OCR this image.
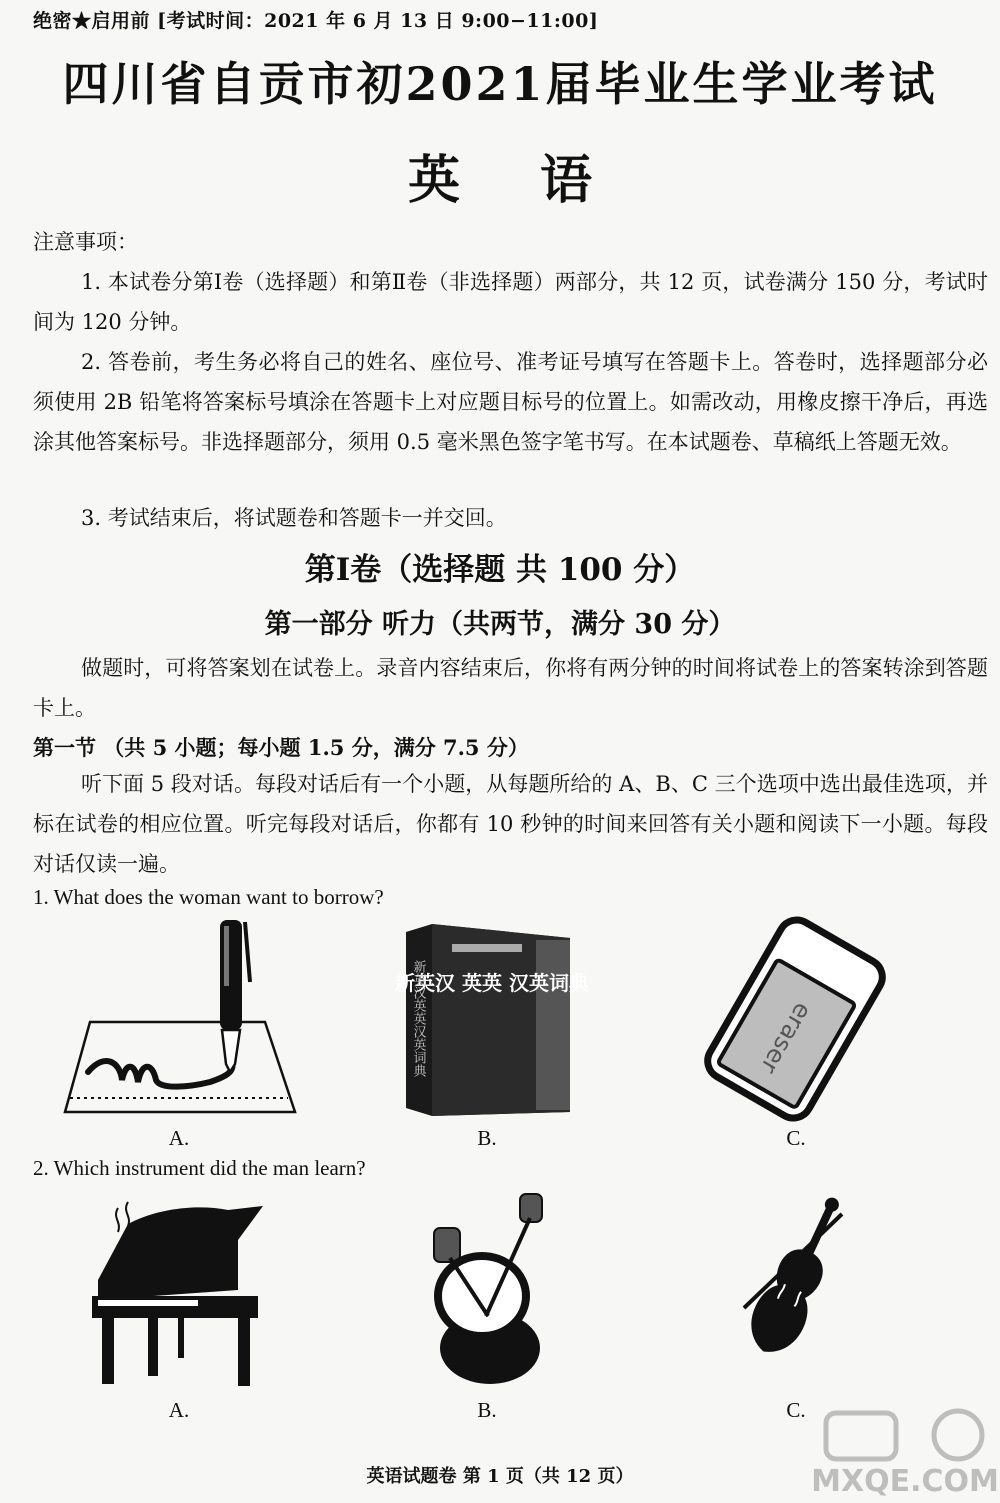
绝密★启用前 [考试时间：2021 年 6 月 13 日 9:00−11:00]
四川省自贡市初2021届毕业生学业考试
英语
注意事项：
1. 本试卷分第Ⅰ卷（选择题）和第Ⅱ卷（非选择题）两部分，共 12 页，试卷满分 150 分，考试时间为 120 分钟。
2. 答卷前，考生务必将自己的姓名、座位号、准考证号填写在答题卡上。答卷时，选择题部分必须使用 2B 铅笔将答案标号填涂在答题卡上对应题目标号的位置上。如需改动，用橡皮擦干净后，再选涂其他答案标号。非选择题部分，须用 0.5 毫米黑色签字笔书写。在本试题卷、草稿纸上答题无效。
3. 考试结束后，将试题卷和答题卡一并交回。
第Ⅰ卷（选择题 共 100 分）
第一部分 听力（共两节，满分 30 分）
做题时，可将答案划在试卷上。录音内容结束后，你将有两分钟的时间将试卷上的答案转涂到答题卡上。
第一节 （共 5 小题；每小题 1.5 分，满分 7.5 分）
听下面 5 段对话。每段对话后有一个小题，从每题所给的 A、B、C 三个选项中选出最佳选项，并标在试卷的相应位置。听完每段对话后，你都有 10 秒钟的时间来回答有关小题和阅读下一小题。每段对话仅读一遍。
1. What does the woman want to borrow?
A.
新英汉 英英 汉英词典
新英汉英英汉英词典
B.
eraser
C.
2. Which instrument did the man learn?
A.	B.	C.
英语试题卷 第 1 页（共 12 页）	MXQE.COM
